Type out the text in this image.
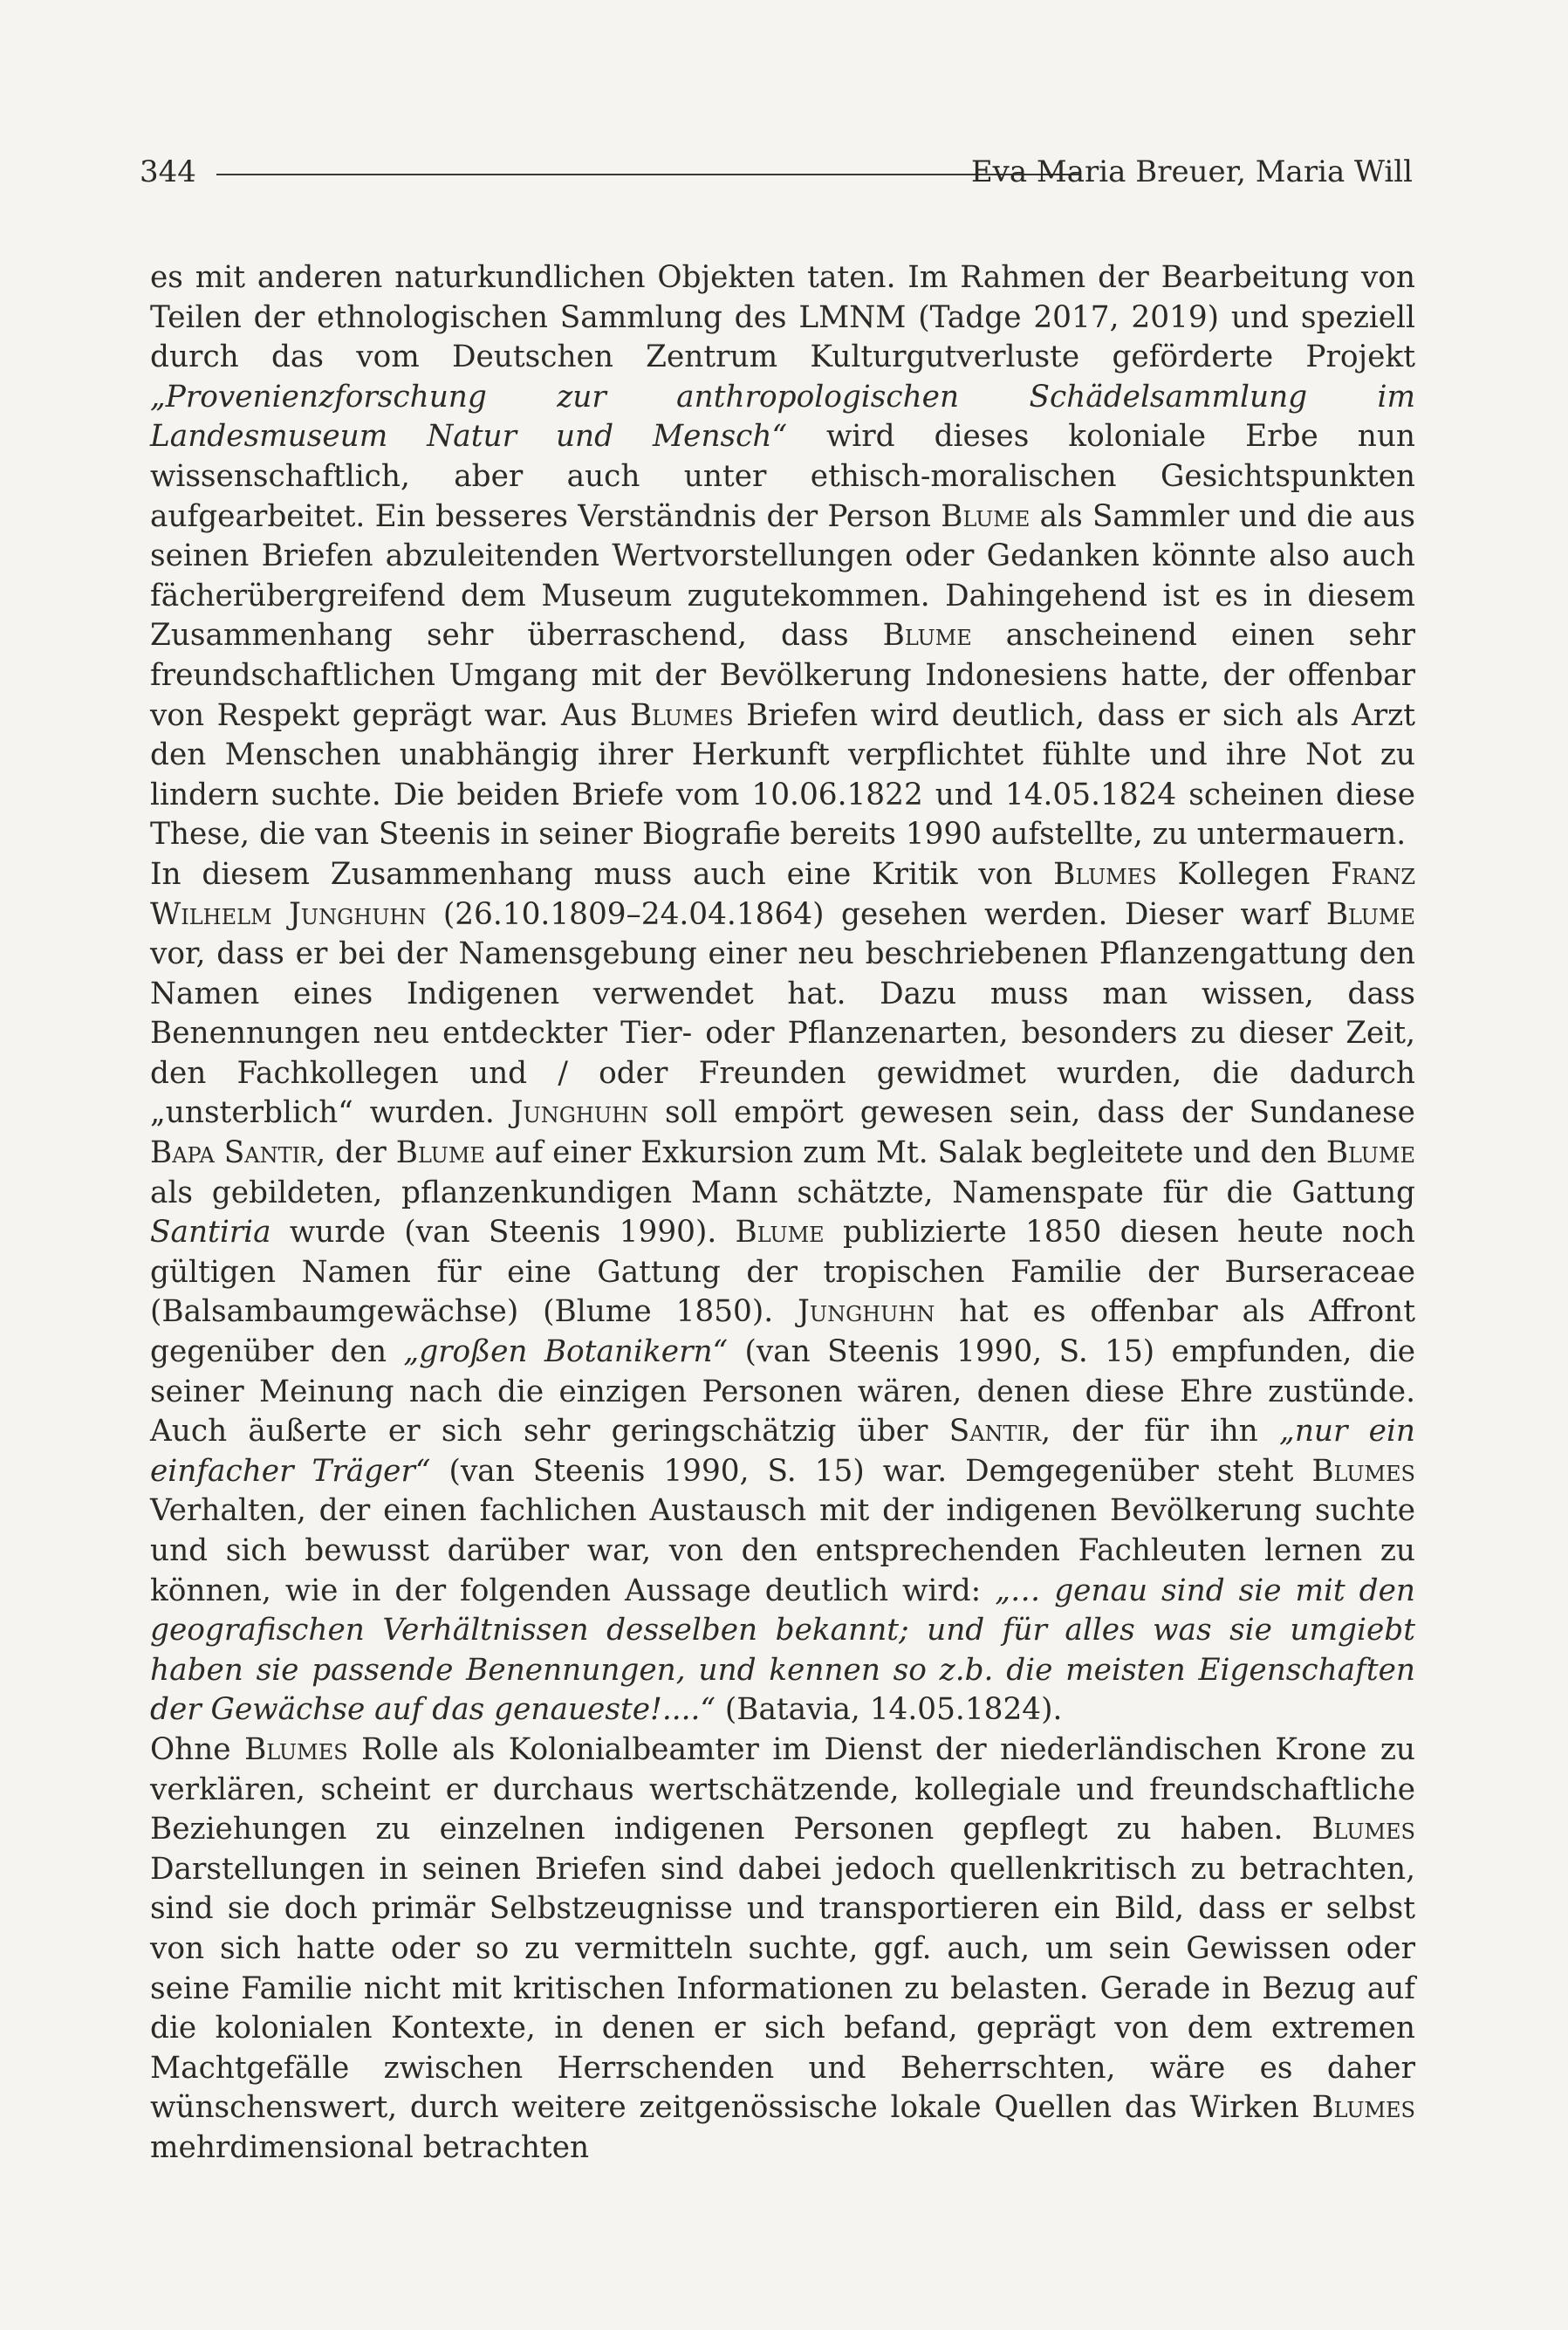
344	Eva Maria Breuer, Maria Will

es mit anderen naturkundlichen Objekten taten. Im Rahmen der Bearbeitung von Teilen der ethnologischen Sammlung des LMNM (Tadge 2017, 2019) und speziell durch das vom Deutschen Zentrum Kulturgutverluste geförderte Projekt „Provenienzforschung zur anthropologischen Schädelsammlung im Landesmuseum Natur und Mensch“ wird dieses koloniale Erbe nun wissenschaftlich, aber auch unter ethisch-moralischen Gesichtspunkten aufgearbeitet. Ein besseres Verständnis der Person Blume als Sammler und die aus seinen Briefen abzuleitenden Wertvorstellungen oder Gedanken könnte also auch fächerübergreifend dem Museum zugutekommen. Dahingehend ist es in diesem Zusammenhang sehr überraschend, dass Blume anscheinend einen sehr freundschaftlichen Umgang mit der Bevölkerung Indonesiens hatte, der offenbar von Respekt geprägt war. Aus Blumes Briefen wird deutlich, dass er sich als Arzt den Menschen unabhängig ihrer Herkunft verpflichtet fühlte und ihre Not zu lindern suchte. Die beiden Briefe vom 10.06.1822 und 14.05.1824 scheinen diese These, die van Steenis in seiner Biografie bereits 1990 aufstellte, zu untermauern.

In diesem Zusammenhang muss auch eine Kritik von Blumes Kollegen Franz Wilhelm Junghuhn (26.10.1809–24.04.1864) gesehen werden. Dieser warf Blume vor, dass er bei der Namensgebung einer neu beschriebenen Pflanzengattung den Namen eines Indigenen verwendet hat. Dazu muss man wissen, dass Benennungen neu entdeckter Tier- oder Pflanzenarten, besonders zu dieser Zeit, den Fachkollegen und / oder Freunden gewidmet wurden, die dadurch „unsterblich“ wurden. Junghuhn soll empört gewesen sein, dass der Sundanese Bapa Santir, der Blume auf einer Exkursion zum Mt. Salak begleitete und den Blume als gebildeten, pflanzenkundigen Mann schätzte, Namenspate für die Gattung Santiria wurde (van Steenis 1990). Blume publizierte 1850 diesen heute noch gültigen Namen für eine Gattung der tropischen Familie der Burseraceae (Balsambaumgewächse) (Blume 1850). Junghuhn hat es offenbar als Affront gegenüber den „großen Botanikern“ (van Steenis 1990, S. 15) empfunden, die seiner Meinung nach die einzigen Personen wären, denen diese Ehre zustünde. Auch äußerte er sich sehr geringschätzig über Santir, der für ihn „nur ein einfacher Träger“ (van Steenis 1990, S. 15) war. Demgegenüber steht Blumes Verhalten, der einen fachlichen Austausch mit der indigenen Bevölkerung suchte und sich bewusst darüber war, von den entsprechenden Fachleuten lernen zu können, wie in der folgenden Aussage deutlich wird: „… genau sind sie mit den geografischen Verhältnissen desselben bekannt; und für alles was sie umgiebt haben sie passende Benennungen, und kennen so z.b. die meisten Eigenschaften der Gewächse auf das genaueste!....“ (Batavia, 14.05.1824).

Ohne Blumes Rolle als Kolonialbeamter im Dienst der niederländischen Krone zu verklären, scheint er durchaus wertschätzende, kollegiale und freundschaftliche Beziehungen zu einzelnen indigenen Personen gepflegt zu haben. Blumes Darstellungen in seinen Briefen sind dabei jedoch quellenkritisch zu betrachten, sind sie doch primär Selbstzeugnisse und transportieren ein Bild, dass er selbst von sich hatte oder so zu vermitteln suchte, ggf. auch, um sein Gewissen oder seine Familie nicht mit kritischen Informationen zu belasten. Gerade in Bezug auf die kolonialen Kontexte, in denen er sich befand, geprägt von dem extremen Machtgefälle zwischen Herrschenden und Beherrschten, wäre es daher wünschenswert, durch weitere zeitgenössische lokale Quellen das Wirken Blumes mehrdimensional betrachten
